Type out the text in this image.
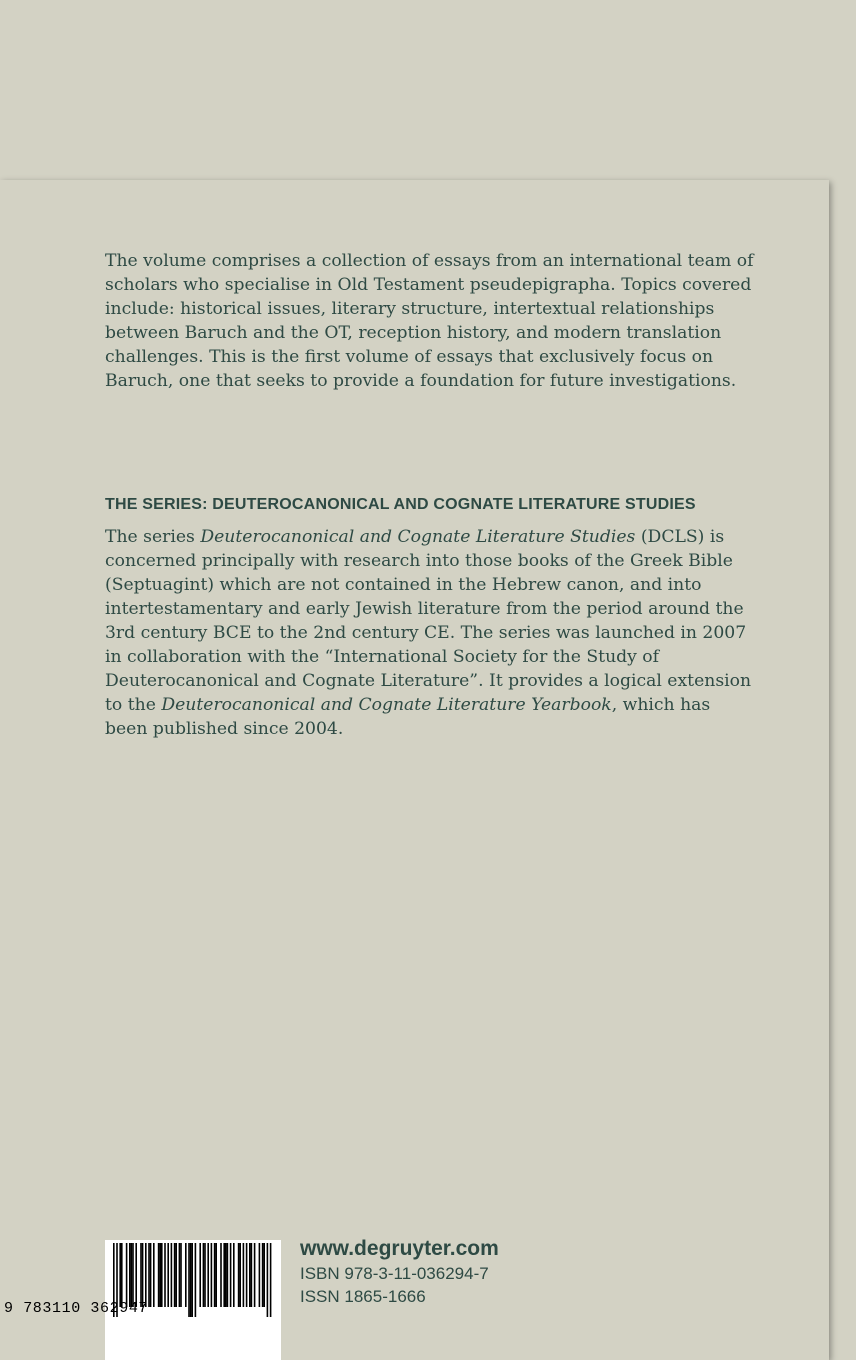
The volume comprises a collection of essays from an international team of scholars who specialise in Old Testament pseudepigrapha. Topics covered include: historical issues, literary structure, intertextual relationships between Baruch and the OT, reception history, and modern translation challenges. This is the first volume of essays that exclusively focus on Baruch, one that seeks to provide a foundation for future investigations.

THE SERIES: DEUTEROCANONICAL AND COGNATE LITERATURE STUDIES

The series Deuterocanonical and Cognate Literature Studies (DCLS) is concerned principally with research into those books of the Greek Bible (Septuagint) which are not contained in the Hebrew canon, and into intertestamentary and early Jewish literature from the period around the 3rd century BCE to the 2nd century CE. The series was launched in 2007 in collaboration with the “International Society for the Study of Deuterocanonical and Cognate Literature”. It provides a logical extension to the Deuterocanonical and Cognate Literature Yearbook, which has been published since 2004.

9 783110 362947
www.degruyter.com
ISBN 978-3-11-036294-7
ISSN 1865-1666
